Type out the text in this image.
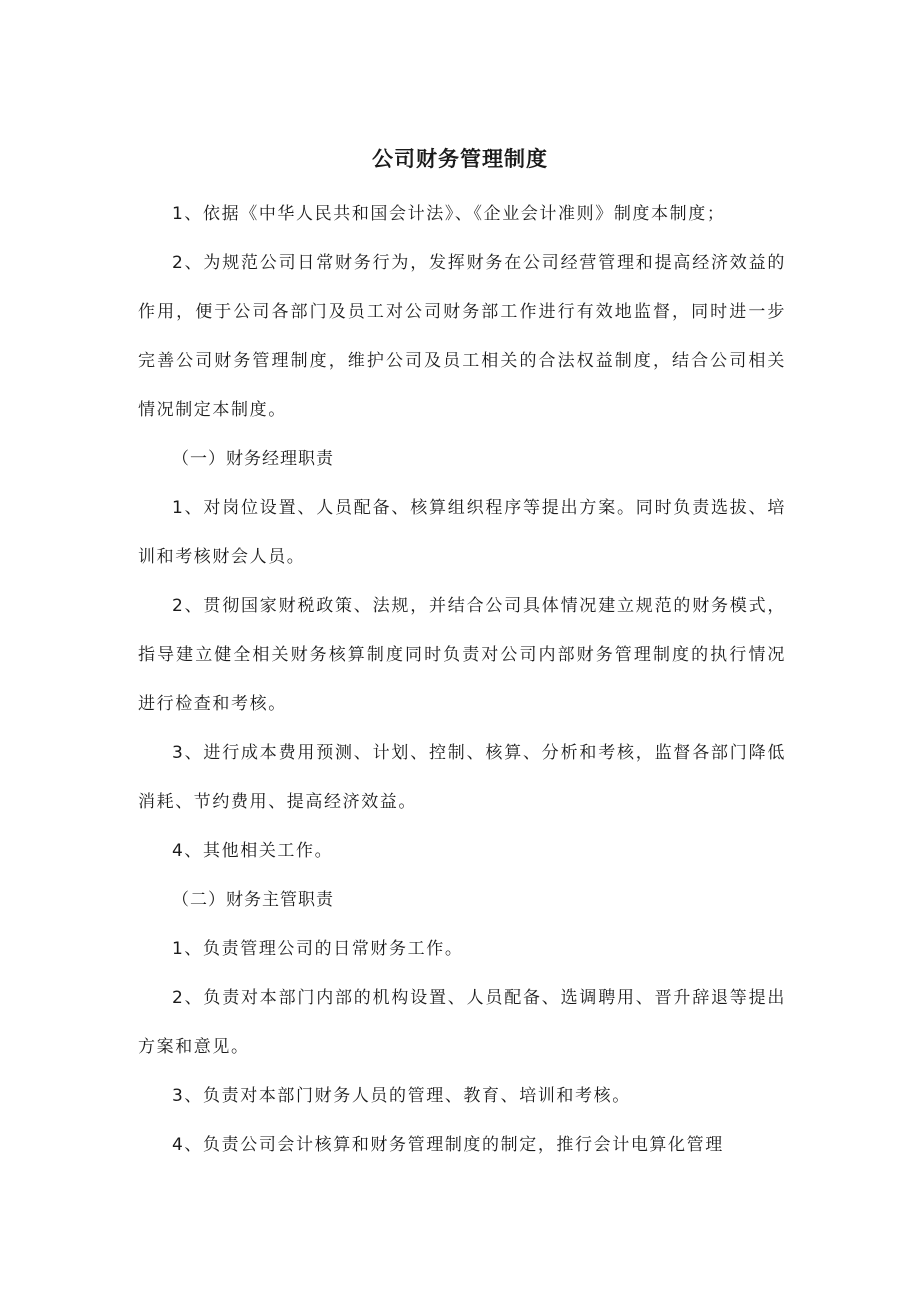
公司财务管理制度

1、依据《中华人民共和国会计法》、《企业会计准则》制度本制度；

2、为规范公司日常财务行为，发挥财务在公司经营管理和提高经济效益的作用，便于公司各部门及员工对公司财务部工作进行有效地监督，同时进一步完善公司财务管理制度，维护公司及员工相关的合法权益制度，结合公司相关情况制定本制度。

（一）财务经理职责

1、对岗位设置、人员配备、核算组织程序等提出方案。同时负责选拔、培训和考核财会人员。

2、贯彻国家财税政策、法规，并结合公司具体情况建立规范的财务模式，指导建立健全相关财务核算制度同时负责对公司内部财务管理制度的执行情况进行检查和考核。

3、进行成本费用预测、计划、控制、核算、分析和考核，监督各部门降低消耗、节约费用、提高经济效益。

4、其他相关工作。

（二）财务主管职责

1、负责管理公司的日常财务工作。

2、负责对本部门内部的机构设置、人员配备、选调聘用、晋升辞退等提出方案和意见。

3、负责对本部门财务人员的管理、教育、培训和考核。

4、负责公司会计核算和财务管理制度的制定，推行会计电算化管理
